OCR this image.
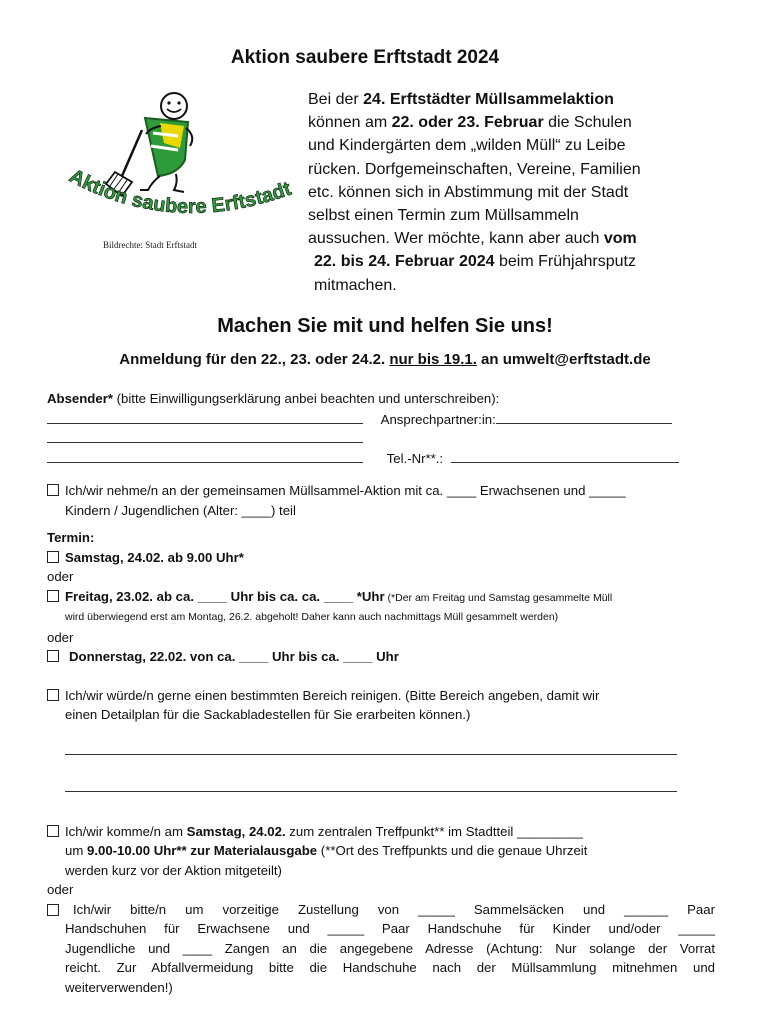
Aktion saubere Erftstadt 2024
Aktion saubere Erftstadt
Bildrechte: Stadt Erftstadt

Bei der 24. Erftstädter Müllsammelaktion

können am 22. oder 23. Februar die Schulen

und Kindergärten dem „wilden Müll“ zu Leibe

rücken. Dorfgemeinschaften, Vereine, Familien

etc. können sich in Abstimmung mit der Stadt

selbst einen Termin zum Müllsammeln

aussuchen. Wer möchte, kann aber auch vom

22. bis 24. Februar 2024 beim Frühjahrsputz

mitmachen.

Machen Sie mit und helfen Sie uns!
Anmeldung für den 22., 23. oder 24.2. nur bis 19.1. an umwelt@erftstadt.de
Absender* (bitte Einwilligungserklärung anbei beachten und unterschreiben):
Ansprechpartner:in:
Tel.-Nr**.:
Ich/wir nehme/n an der gemeinsamen Müllsammel-Aktion mit ca. ____ Erwachsenen und _____
Kindern / Jugendlichen (Alter: ____) teil
Termin:
Samstag, 24.02. ab 9.00 Uhr*
oder
Freitag, 23.02. ab ca. ____ Uhr bis ca. ca. ____ *Uhr (*Der am Freitag und Samstag gesammelte Müll
wird überwiegend erst am Montag, 26.2. abgeholt! Daher kann auch nachmittags Müll gesammelt werden)
oder
Donnerstag, 22.02. von ca. ____ Uhr bis ca. ____ Uhr
Ich/wir würde/n gerne einen bestimmten Bereich reinigen. (Bitte Bereich angeben, damit wir
einen Detailplan für die Sackabladestellen für Sie erarbeiten können.)
Ich/wir komme/n am Samstag, 24.02. zum zentralen Treffpunkt** im Stadtteil _________
um 9.00-10.00 Uhr** zur Materialausgabe (**Ort des Treffpunkts und die genaue Uhrzeit
werden kurz vor der Aktion mitgeteilt)
oder
Ich/wir bitte/n um vorzeitige Zustellung von _____ Sammelsäcken und ______ Paar
Handschuhen für Erwachsene und _____ Paar Handschuhe für Kinder und/oder _____
Jugendliche und ____ Zangen an die angegebene Adresse (Achtung: Nur solange der Vorrat
reicht. Zur Abfallvermeidung bitte die Handschuhe nach der Müllsammlung mitnehmen und
weiterverwenden!)
